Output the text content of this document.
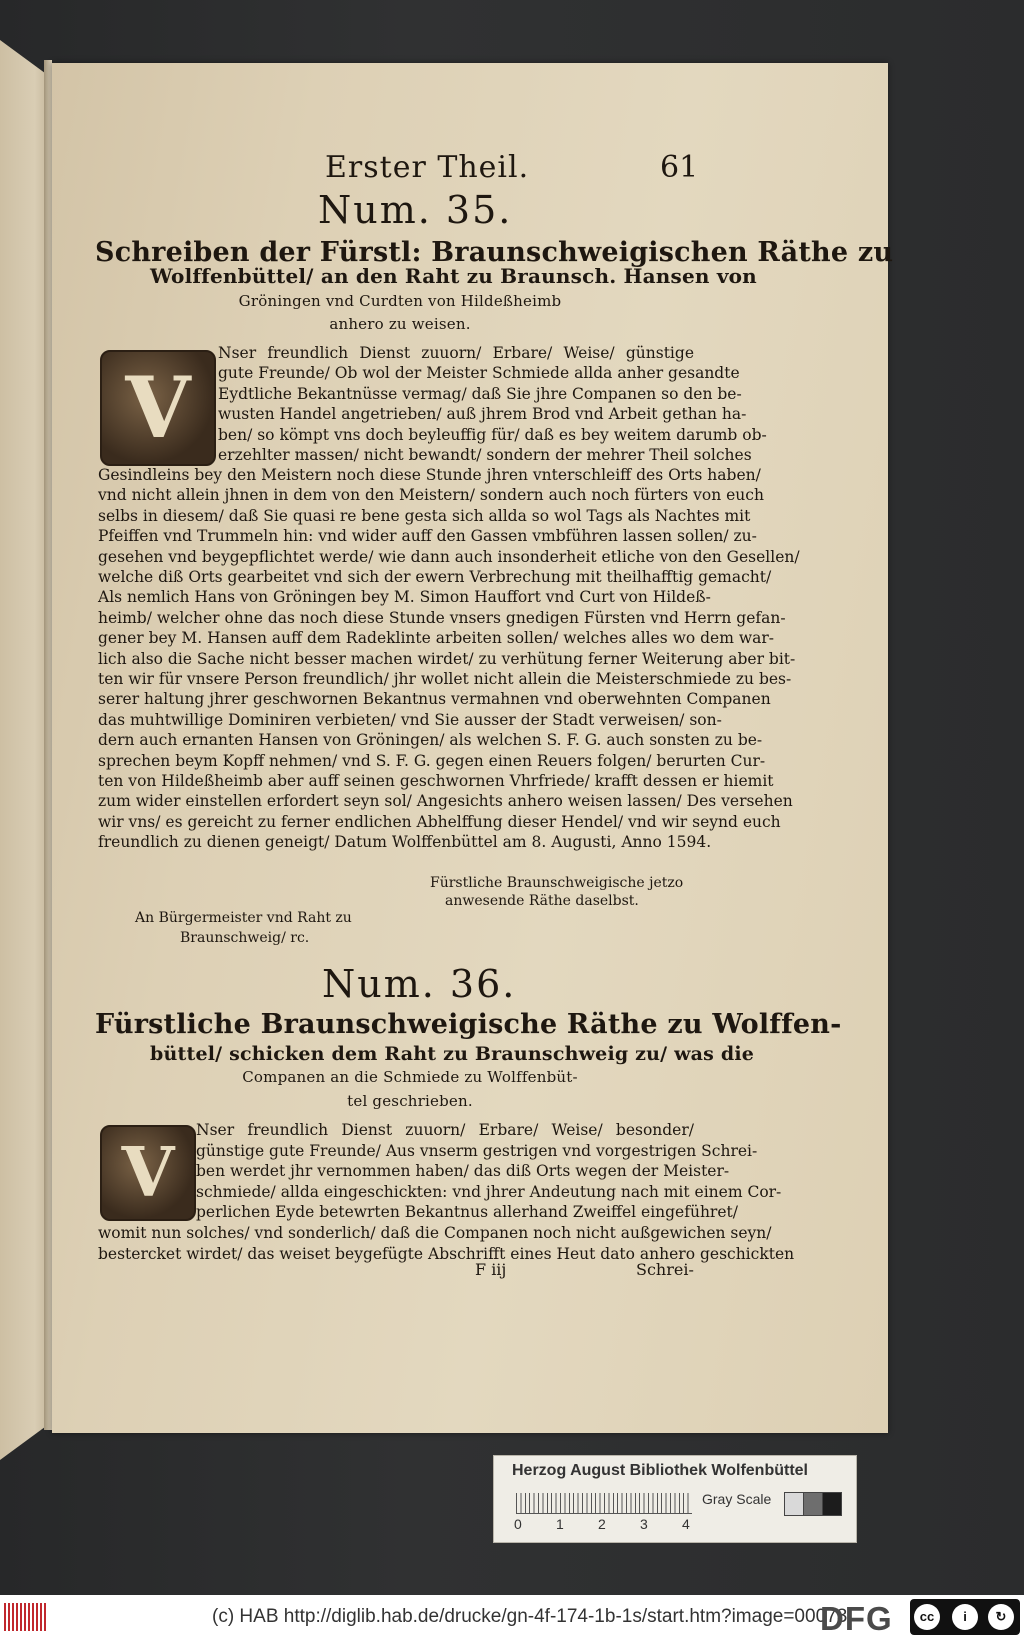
Erster Theil.	61
Num. 35.
Schreiben der Fürstl: Braunschweigischen Räthe zu
Wolffenbüttel/ an den Raht zu Braunsch. Hansen von
Gröningen vnd Curdten von Hildeßheimb
anhero zu weisen.
V
Nser freundlich Dienst zuuorn/ Erbare/ Weise/ günstige
gute Freunde/ Ob wol der Meister Schmiede allda anher gesandte
Eydtliche Bekantnüsse vermag/ daß Sie jhre Companen so den be-
wusten Handel angetrieben/ auß jhrem Brod vnd Arbeit gethan ha-
ben/ so kömpt vns doch beyleuffig für/ daß es bey weitem darumb ob-
erzehlter massen/ nicht bewandt/ sondern der mehrer Theil solches
Gesindleins bey den Meistern noch diese Stunde jhren vnterschleiff des Orts haben/
vnd nicht allein jhnen in dem von den Meistern/ sondern auch noch fürters von euch
selbs in diesem/ daß Sie quasi re bene gesta sich allda so wol Tags als Nachtes mit
Pfeiffen vnd Trummeln hin: vnd wider auff den Gassen vmbführen lassen sollen/ zu-
gesehen vnd beygepflichtet werde/ wie dann auch insonderheit etliche von den Gesellen/
welche diß Orts gearbeitet vnd sich der ewern Verbrechung mit theilhafftig gemacht/
Als nemlich Hans von Gröningen bey M. Simon Hauffort vnd Curt von Hildeß-
heimb/ welcher ohne das noch diese Stunde vnsers gnedigen Fürsten vnd Herrn gefan-
gener bey M. Hansen auff dem Radeklinte arbeiten sollen/ welches alles wo dem war-
lich also die Sache nicht besser machen wirdet/ zu verhütung ferner Weiterung aber bit-
ten wir für vnsere Person freundlich/ jhr wollet nicht allein die Meisterschmiede zu bes-
serer haltung jhrer geschwornen Bekantnus vermahnen vnd oberwehnten Companen
das muhtwillige Dominiren verbieten/ vnd Sie ausser der Stadt verweisen/ son-
dern auch ernanten Hansen von Gröningen/ als welchen S. F. G. auch sonsten zu be-
sprechen beym Kopff nehmen/ vnd S. F. G. gegen einen Reuers folgen/ berurten Cur-
ten von Hildeßheimb aber auff seinen geschwornen Vhrfriede/ krafft dessen er hiemit
zum wider einstellen erfordert seyn sol/ Angesichts anhero weisen lassen/ Des versehen
wir vns/ es gereicht zu ferner endlichen Abhelffung dieser Hendel/ vnd wir seynd euch
freundlich zu dienen geneigt/ Datum Wolffenbüttel am 8. Augusti, Anno 1594.
Fürstliche Braunschweigische jetzo
anwesende Räthe daselbst.
An Bürgermeister vnd Raht zu
Braunschweig/ rc.
Num. 36.
Fürstliche Braunschweigische Räthe zu Wolffen-
büttel/ schicken dem Raht zu Braunschweig zu/ was die
Companen an die Schmiede zu Wolffenbüt-
tel geschrieben.
V
Nser freundlich Dienst zuuorn/ Erbare/ Weise/ besonder/
günstige gute Freunde/ Aus vnserm gestrigen vnd vorgestrigen Schrei-
ben werdet jhr vernommen haben/ das diß Orts wegen der Meister-
schmiede/ allda eingeschickten: vnd jhrer Andeutung nach mit einem Cor-
perlichen Eyde betewrten Bekantnus allerhand Zweiffel eingeführet/
womit nun solches/ vnd sonderlich/ daß die Companen noch nicht außgewichen seyn/
bestercket wirdet/ das weiset beygefügte Abschrifft eines Heut dato anhero geschickten
F iij	Schrei-
Herzog August Bibliothek Wolfenbüttel
0 1 2 3 4
Gray Scale
(c) HAB http://diglib.hab.de/drucke/gn-4f-174-1b-1s/start.htm?image=00073
DFG	cc	i	↻
